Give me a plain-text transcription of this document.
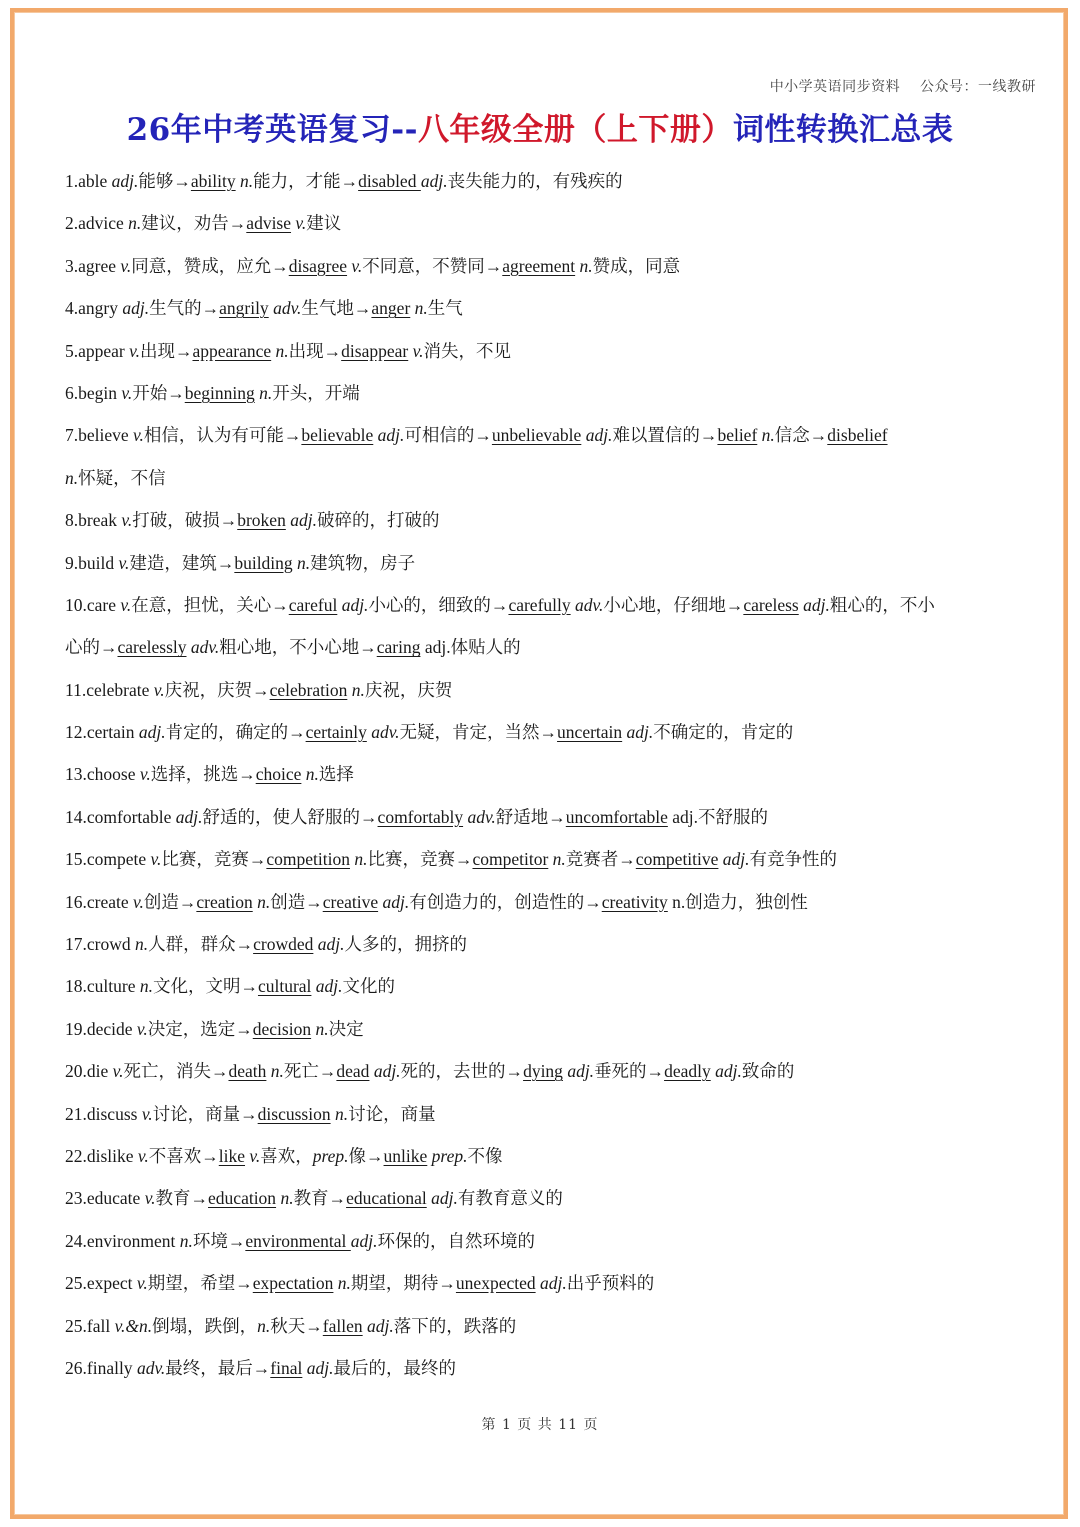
中小学英语同步资料 公众号：一线教研
26年中考英语复习--八年级全册（上下册）词性转换汇总表
1.able adj.能够→ability n.能力，才能→disabled adj.丧失能力的，有残疾的
2.advice n.建议，劝告→advise v.建议
3.agree v.同意，赞成，应允→disagree v.不同意，不赞同→agreement n.赞成，同意
4.angry adj.生气的→angrily adv.生气地→anger n.生气
5.appear v.出现→appearance n.出现→disappear v.消失，不见
6.begin v.开始→beginning n.开头，开端
7.believe v.相信，认为有可能→believable adj.可相信的→unbelievable adj.难以置信的→belief n.信念→disbelief
n.怀疑，不信
8.break v.打破，破损→broken adj.破碎的，打破的
9.build v.建造，建筑→building n.建筑物，房子
10.care v.在意，担忧，关心→careful adj.小心的，细致的→carefully adv.小心地，仔细地→careless adj.粗心的，不小
心的→carelessly adv.粗心地，不小心地→caring adj.体贴人的
11.celebrate v.庆祝，庆贺→celebration n.庆祝，庆贺
12.certain adj.肯定的，确定的→certainly adv.无疑，肯定，当然→uncertain adj.不确定的，肯定的
13.choose v.选择，挑选→choice n.选择
14.comfortable adj.舒适的，使人舒服的→comfortably adv.舒适地→uncomfortable adj.不舒服的
15.compete v.比赛，竞赛→competition n.比赛，竞赛→competitor n.竞赛者→competitive adj.有竞争性的
16.create v.创造→creation n.创造→creative adj.有创造力的，创造性的→creativity n.创造力，独创性
17.crowd n.人群，群众→crowded adj.人多的，拥挤的
18.culture n.文化，文明→cultural adj.文化的
19.decide v.决定，选定→decision n.决定
20.die v.死亡，消失→death n.死亡→dead adj.死的，去世的→dying adj.垂死的→deadly adj.致命的
21.discuss v.讨论，商量→discussion n.讨论，商量
22.dislike v.不喜欢→like v.喜欢，prep.像→unlike prep.不像
23.educate v.教育→education n.教育→educational adj.有教育意义的
24.environment n.环境→environmental adj.环保的，自然环境的
25.expect v.期望，希望→expectation n.期望，期待→unexpected adj.出乎预料的
25.fall v.&n.倒塌，跌倒，n.秋天→fallen adj.落下的，跌落的
26.finally adv.最终，最后→final adj.最后的，最终的
第 1 页 共 11 页
